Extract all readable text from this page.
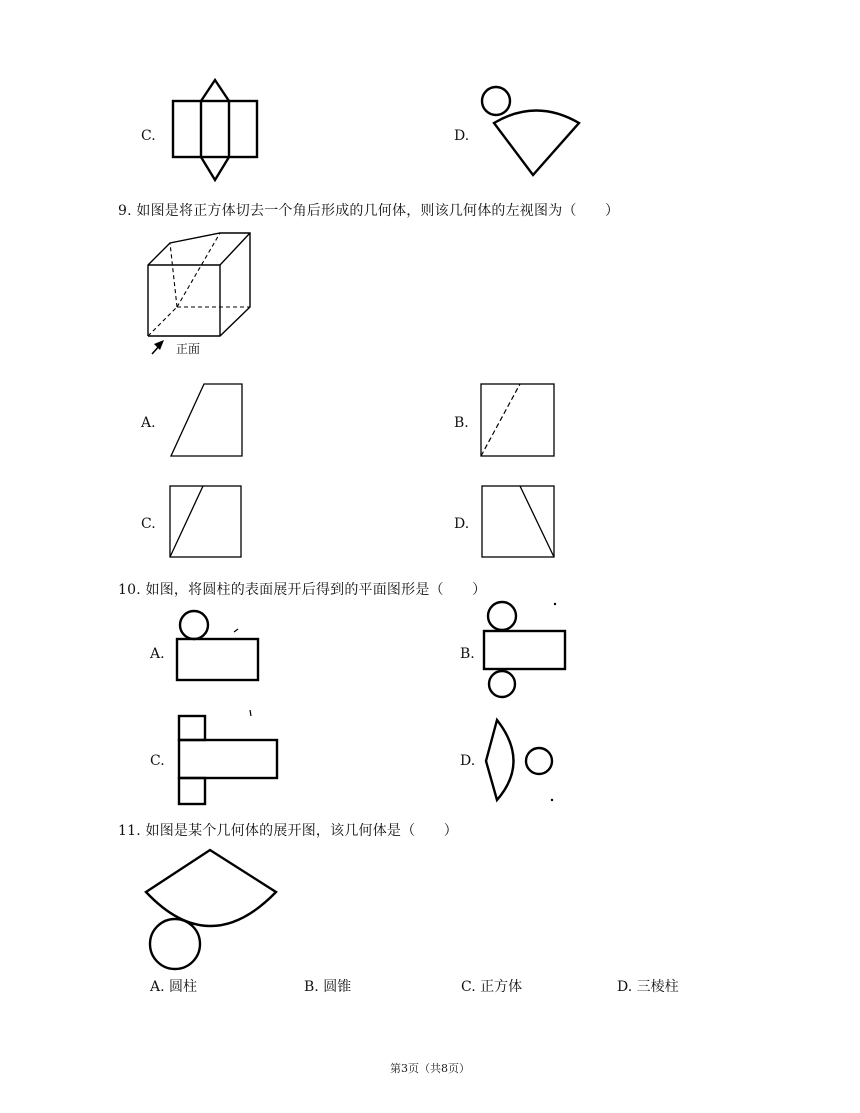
C.	D.
9. 如图是将正方体切去一个角后形成的几何体，则该几何体的左视图为（　　）
正面
A.	B.
C.	D.
10. 如图，将圆柱的表面展开后得到的平面图形是（　　）
A.	B.
C.	D.
11. 如图是某个几何体的展开图，该几何体是（　　）
A. 圆柱	B. 圆锥	C. 正方体	D. 三棱柱
第3页（共8页）
